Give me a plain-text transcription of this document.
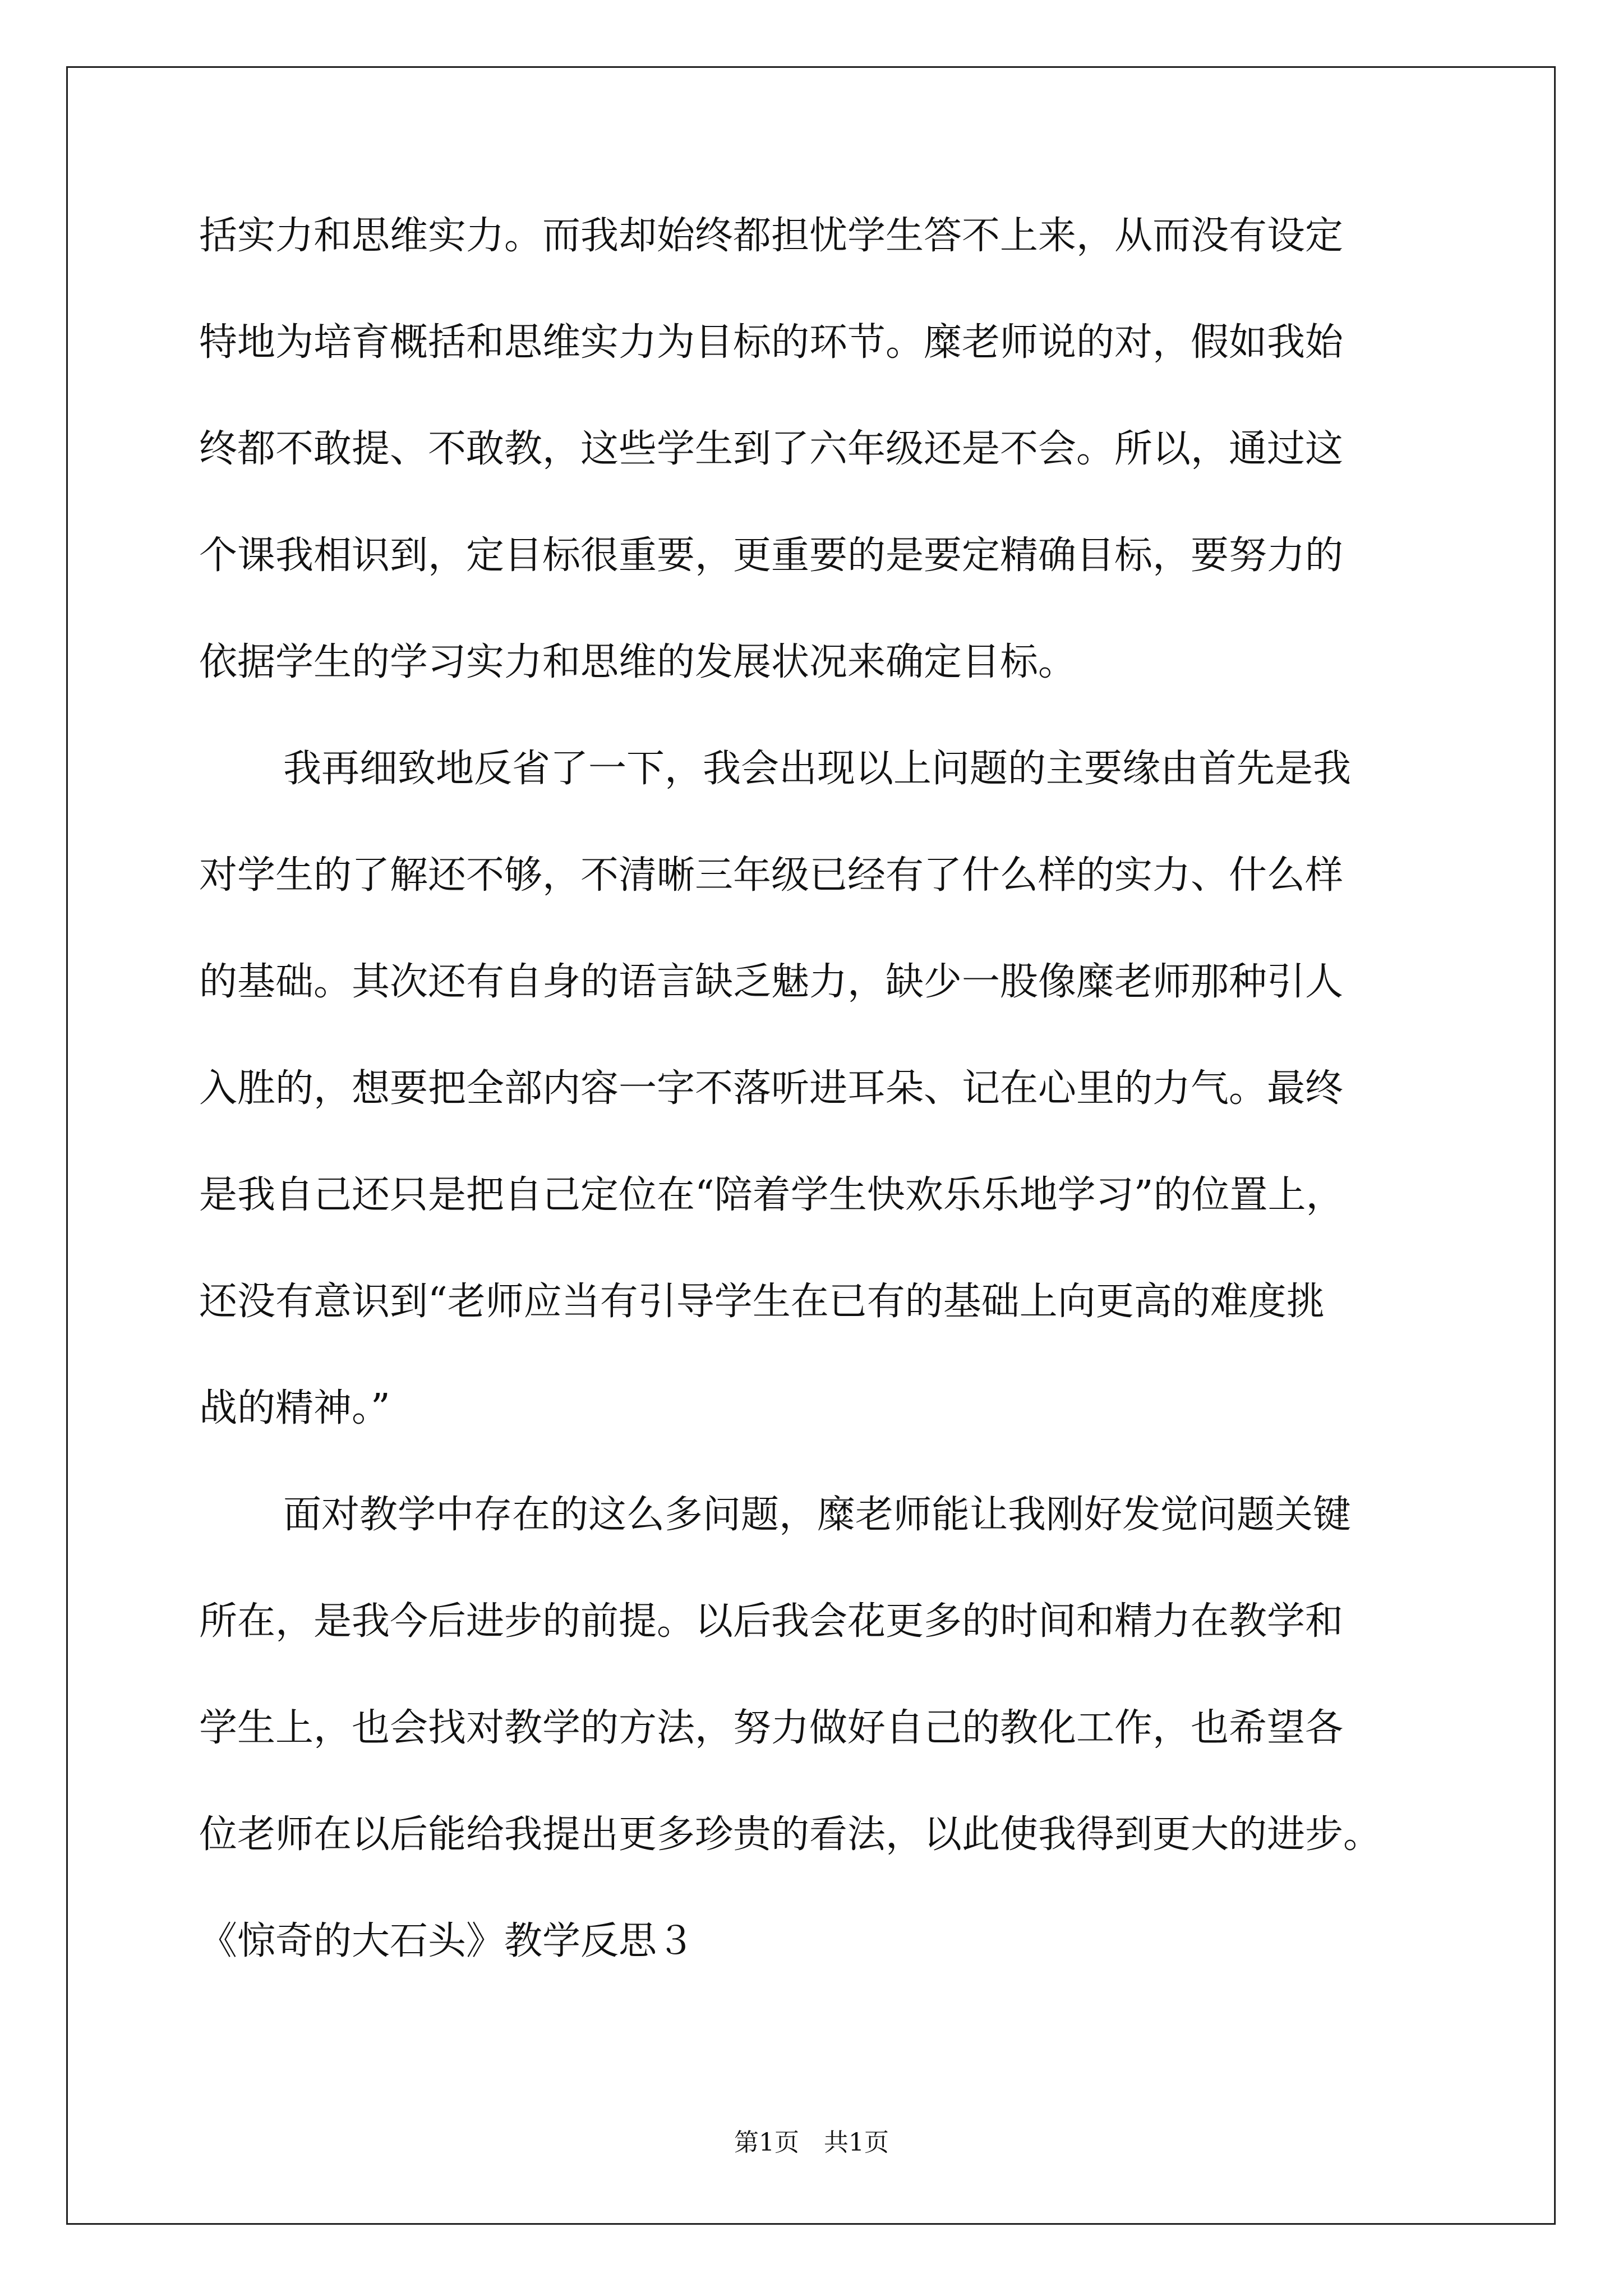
括实力和思维实力。而我却始终都担忧学生答不上来，从而没有设定
特地为培育概括和思维实力为目标的环节。糜老师说的对，假如我始
终都不敢提、不敢教，这些学生到了六年级还是不会。所以，通过这
个课我相识到，定目标很重要，更重要的是要定精确目标，要努力的
依据学生的学习实力和思维的发展状况来确定目标。
我再细致地反省了一下，我会出现以上问题的主要缘由首先是我
对学生的了解还不够，不清晰三年级已经有了什么样的实力、什么样
的基础。其次还有自身的语言缺乏魅力，缺少一股像糜老师那种引人
入胜的，想要把全部内容一字不落听进耳朵、记在心里的力气。最终
是我自己还只是把自己定位在“陪着学生快欢乐乐地学习”的位置上，
还没有意识到“老师应当有引导学生在已有的基础上向更高的难度挑
战的精神。”
面对教学中存在的这么多问题，糜老师能让我刚好发觉问题关键
所在，是我今后进步的前提。以后我会花更多的时间和精力在教学和
学生上，也会找对教学的方法，努力做好自己的教化工作，也希望各
位老师在以后能给我提出更多珍贵的看法，以此使我得到更大的进步。
《惊奇的大石头》教学反思３
第1页　共1页
